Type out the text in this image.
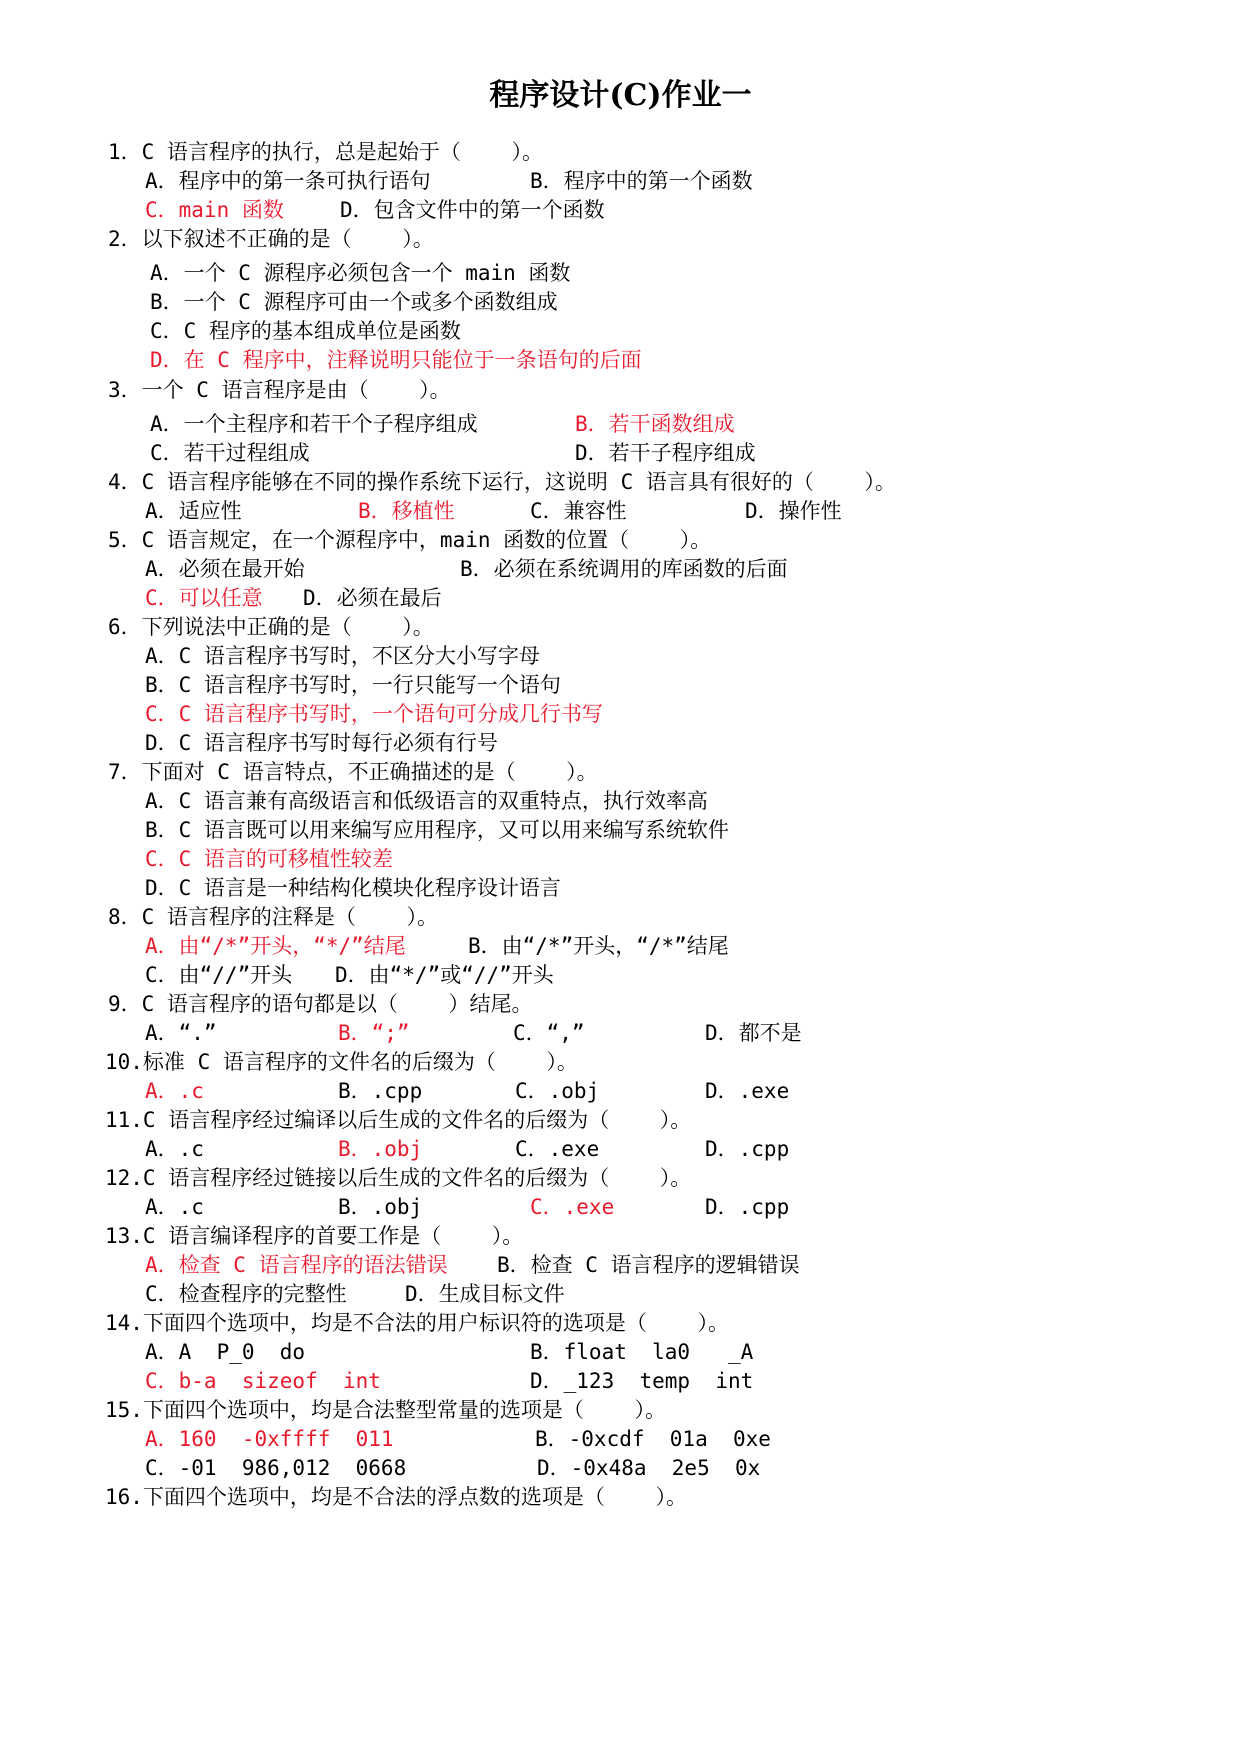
程序设计(C)作业一
1．C 语言程序的执行，总是起始于（    ）。
A．程序中的第一条可执行语句	B．程序中的第一个函数
C．main 函数	D．包含文件中的第一个函数
2．以下叙述不正确的是（    ）。
A．一个 C 源程序必须包含一个 main 函数
B．一个 C 源程序可由一个或多个函数组成
C．C 程序的基本组成单位是函数
D．在 C 程序中，注释说明只能位于一条语句的后面
3．一个 C 语言程序是由（    ）。
A．一个主程序和若干个子程序组成	B．若干函数组成
C．若干过程组成	D．若干子程序组成
4．C 语言程序能够在不同的操作系统下运行，这说明 C 语言具有很好的（    ）。
A．适应性	B．移植性	C．兼容性	D．操作性
5．C 语言规定，在一个源程序中，main 函数的位置（    ）。
A．必须在最开始	B．必须在系统调用的库函数的后面
C．可以任意 D．必须在最后
6．下列说法中正确的是（    ）。
A．C 语言程序书写时，不区分大小写字母
B．C 语言程序书写时，一行只能写一个语句
C．C 语言程序书写时，一个语句可分成几行书写
D．C 语言程序书写时每行必须有行号
7．下面对 C 语言特点，不正确描述的是（    ）。
A．C 语言兼有高级语言和低级语言的双重特点，执行效率高
B．C 语言既可以用来编写应用程序，又可以用来编写系统软件
C．C 语言的可移植性较差
D．C 语言是一种结构化模块化程序设计语言
8．C 语言程序的注释是（    ）。
A．由“/*”开头，“*/”结尾	B．由“/*”开头，“/*”结尾
C．由“//”开头 D．由“*/”或“//”开头
9．C 语言程序的语句都是以（    ）结尾。
A．“.”	B．“;”	C．“,”	D．都不是
10.标准 C 语言程序的文件名的后缀为（    ）。
A．.c	B．.cpp	C．.obj	D．.exe
11.C 语言程序经过编译以后生成的文件名的后缀为（    ）。
A．.c	B．.obj	C．.exe	D．.cpp
12.C 语言程序经过链接以后生成的文件名的后缀为（    ）。
A．.c	B．.obj	C．.exe	D．.cpp
13.C 语言编译程序的首要工作是（    ）。
A．检查 C 语言程序的语法错误 B．检查 C 语言程序的逻辑错误
C．检查程序的完整性	D．生成目标文件
14.下面四个选项中，均是不合法的用户标识符的选项是（    ）。
A．A  P_0  do	B．float  la0   _A
C．b-a  sizeof  int	D．_123  temp  int
15.下面四个选项中，均是合法整型常量的选项是（    ）。
A．160  -0xffff  011	B．-0xcdf  01a  0xe
C．-01  986,012  0668	D．-0x48a  2e5  0x
16.下面四个选项中，均是不合法的浮点数的选项是（    ）。
